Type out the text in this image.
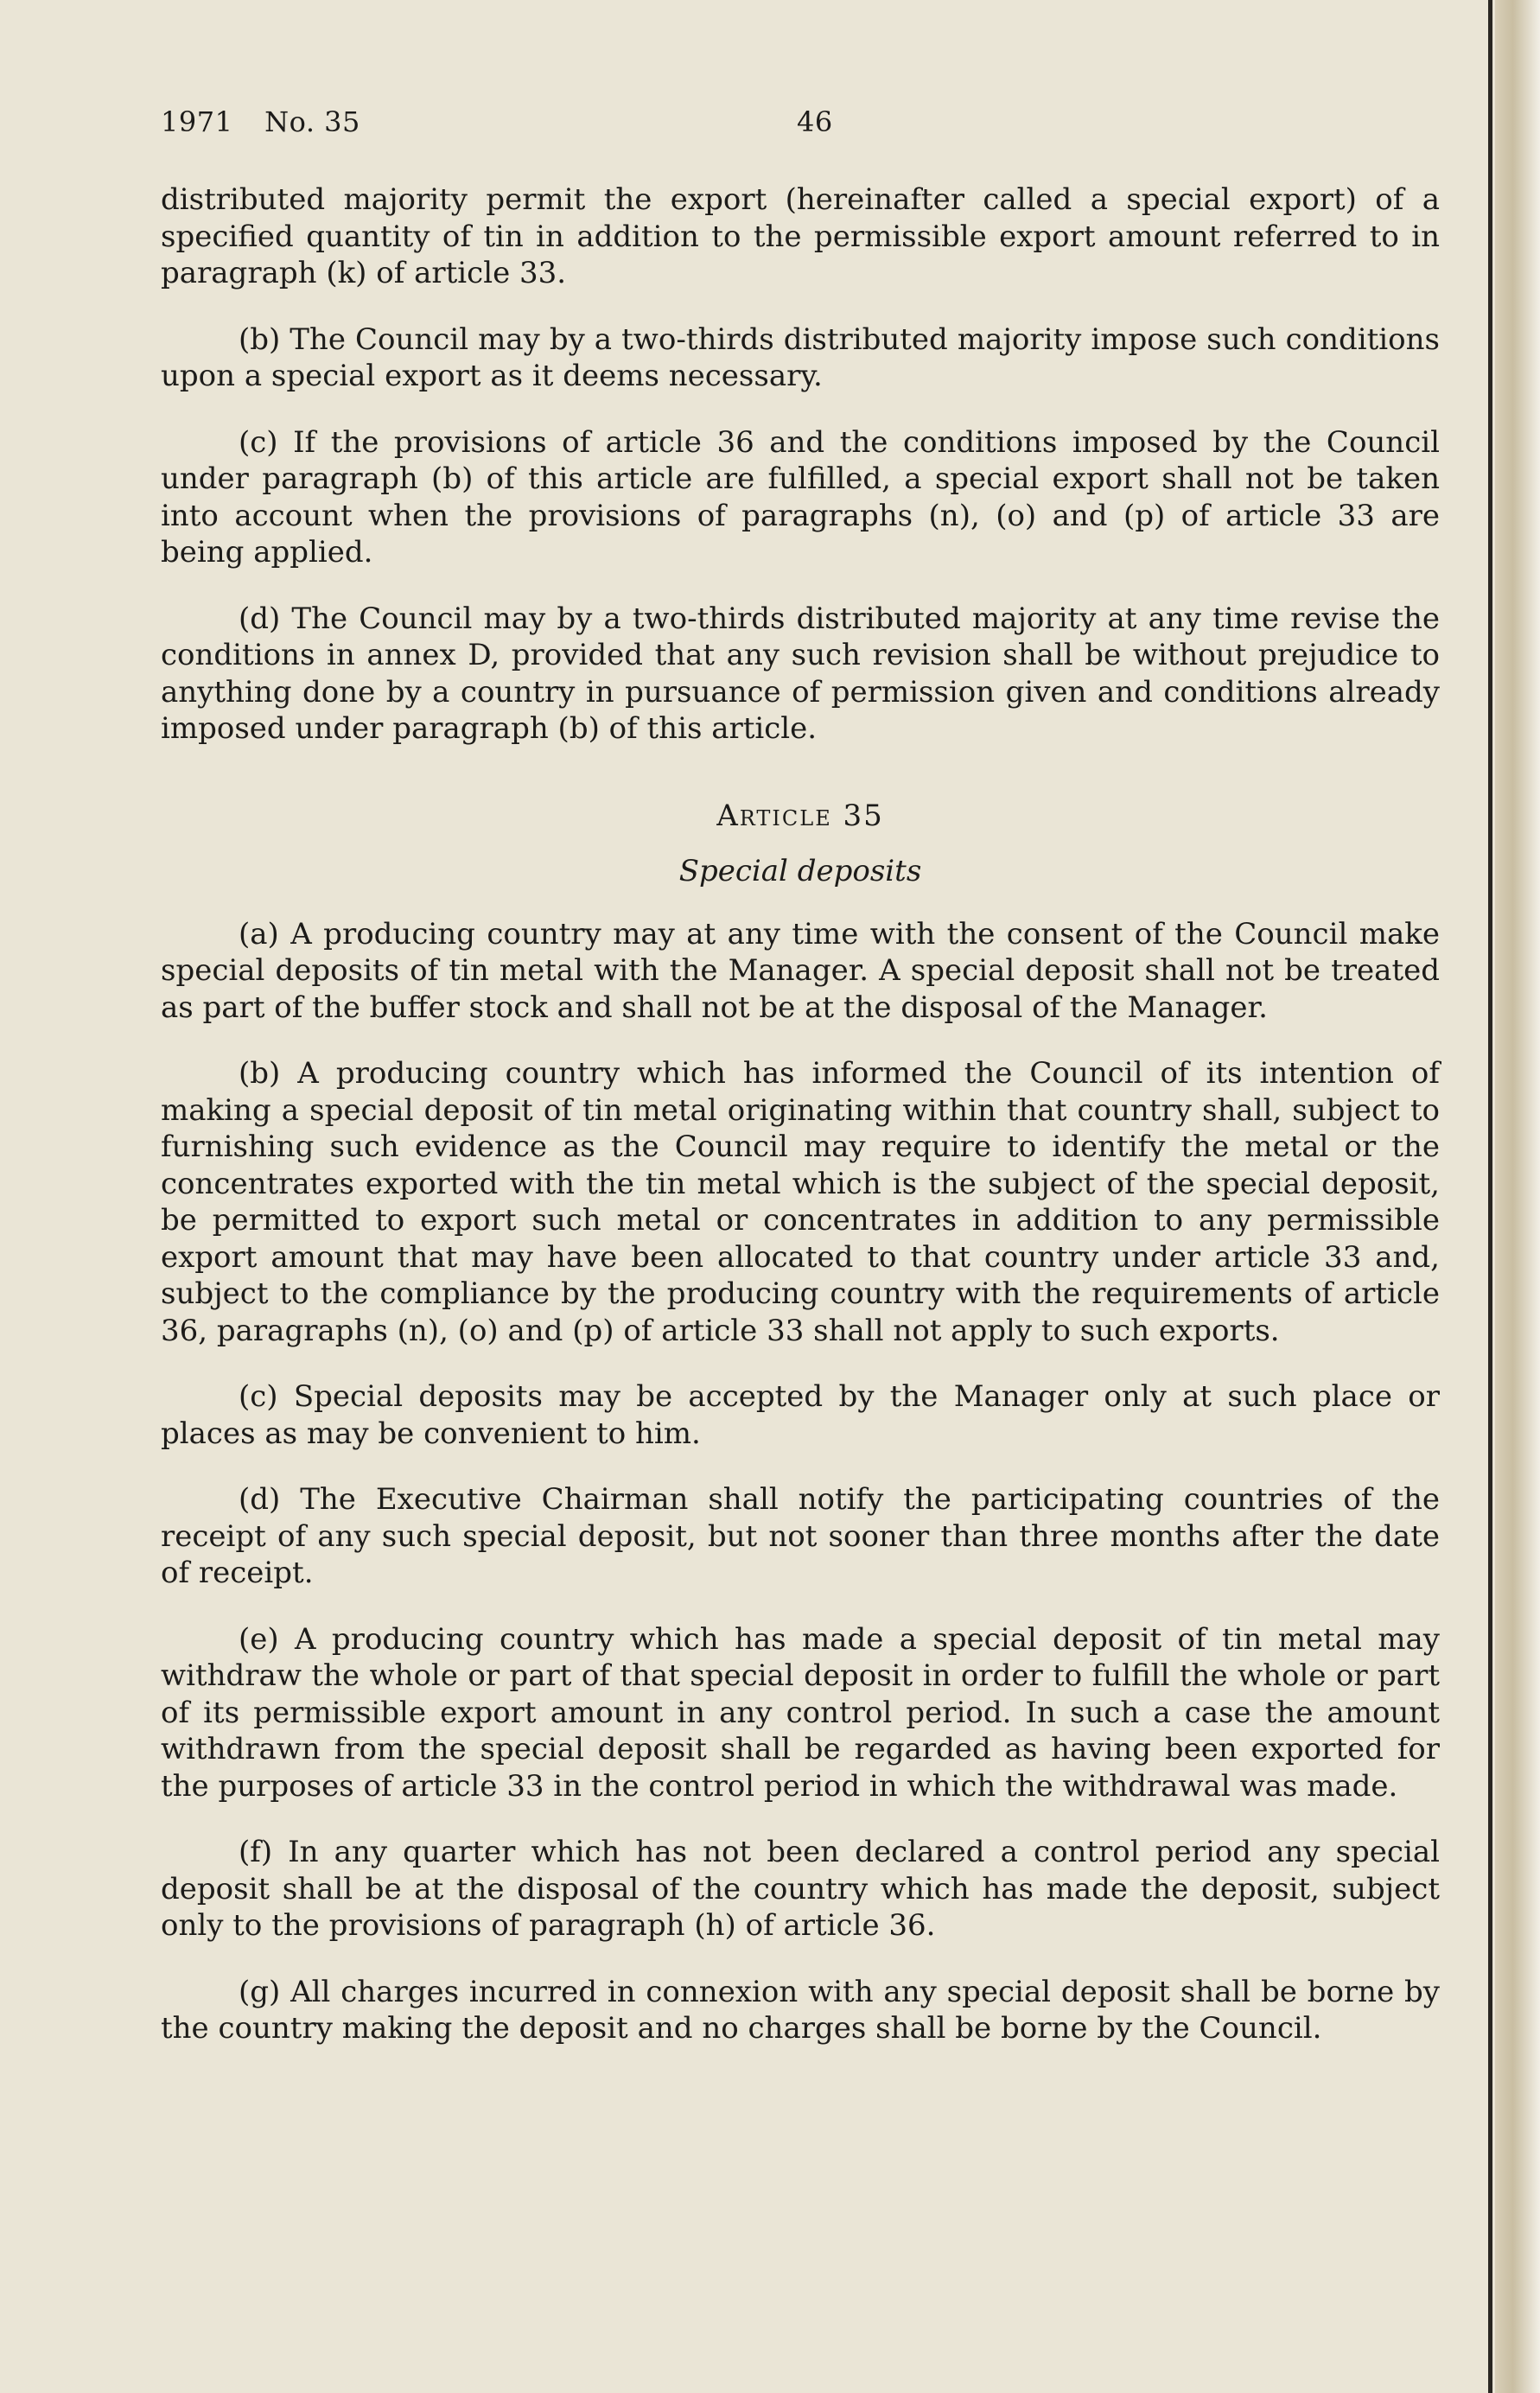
1971 No. 35	46

distributed majority permit the export (hereinafter called a special export) of a specified quantity of tin in addition to the permissible export amount referred to in paragraph (k) of article 33.

(b) The Council may by a two-thirds distributed majority impose such conditions upon a special export as it deems necessary.

(c) If the provisions of article 36 and the conditions imposed by the Council under paragraph (b) of this article are fulfilled, a special export shall not be taken into account when the provisions of paragraphs (n), (o) and (p) of article 33 are being applied.

(d) The Council may by a two-thirds distributed majority at any time revise the conditions in annex D, provided that any such revision shall be without prejudice to anything done by a country in pursuance of permission given and conditions already imposed under paragraph (b) of this article.

Article 35
Special deposits

(a) A producing country may at any time with the consent of the Council make special deposits of tin metal with the Manager. A special deposit shall not be treated as part of the buffer stock and shall not be at the disposal of the Manager.

(b) A producing country which has informed the Council of its intention of making a special deposit of tin metal originating within that country shall, subject to furnishing such evidence as the Council may require to identify the metal or the concentrates exported with the tin metal which is the subject of the special deposit, be permitted to export such metal or concentrates in addition to any permissible export amount that may have been allocated to that country under article 33 and, subject to the compliance by the producing country with the requirements of article 36, paragraphs (n), (o) and (p) of article 33 shall not apply to such exports.

(c) Special deposits may be accepted by the Manager only at such place or places as may be convenient to him.

(d) The Executive Chairman shall notify the participating countries of the receipt of any such special deposit, but not sooner than three months after the date of receipt.

(e) A producing country which has made a special deposit of tin metal may withdraw the whole or part of that special deposit in order to fulfill the whole or part of its permissible export amount in any control period. In such a case the amount withdrawn from the special deposit shall be regarded as having been exported for the purposes of article 33 in the control period in which the withdrawal was made.

(f) In any quarter which has not been declared a control period any special deposit shall be at the disposal of the country which has made the deposit, subject only to the provisions of paragraph (h) of article 36.

(g) All charges incurred in connexion with any special deposit shall be borne by the country making the deposit and no charges shall be borne by the Council.
